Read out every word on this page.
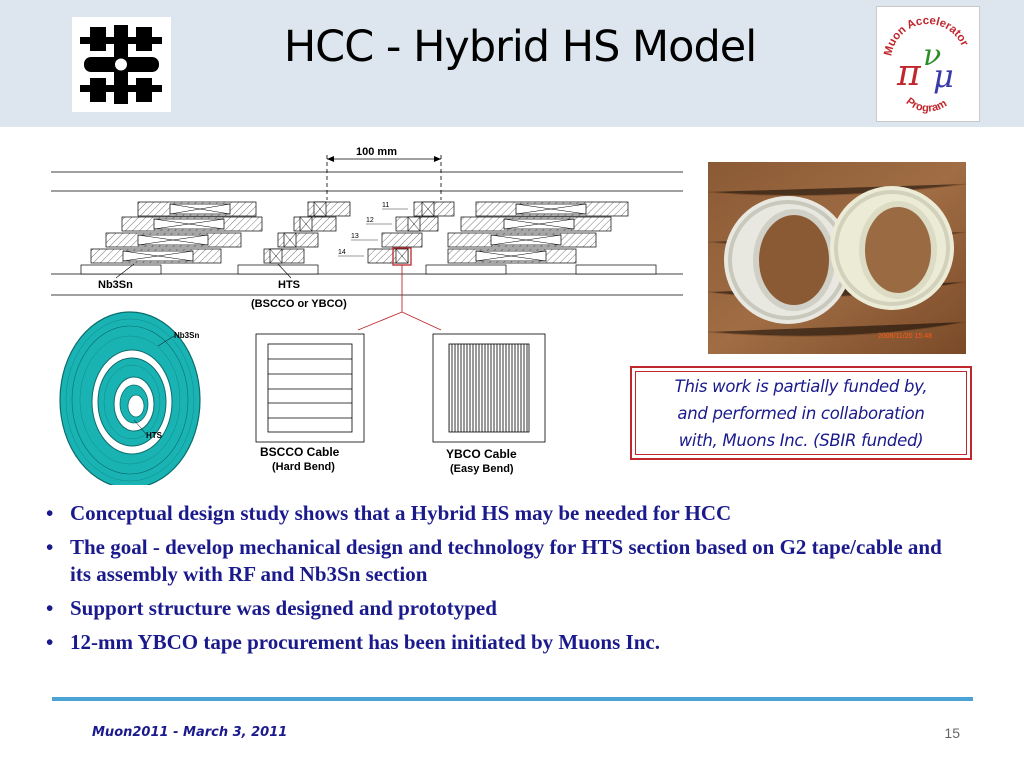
HCC - Hybrid HS Model	Muon Accelerator
Program
π ν
μ
100 mm
11
12
13
14
Nb3Sn	HTS
(BSCCO or YBCO)
Nb3Sn
HTS
BSCCO Cable
(Hard Bend)
YBCO Cable
(Easy Bend)
2008/11/20 15:48
This work is partially funded by,
and performed in collaboration
with, Muons Inc. (SBIR funded)
• Conceptual design study shows that a Hybrid HS may be needed for HCC
• The goal - develop mechanical design and technology for HTS section based on G2 tape/cable and its assembly with RF and Nb3Sn section
• Support structure was designed and prototyped
• 12-mm YBCO tape procurement has been initiated by Muons Inc.
Muon2011 - March 3, 2011	15
